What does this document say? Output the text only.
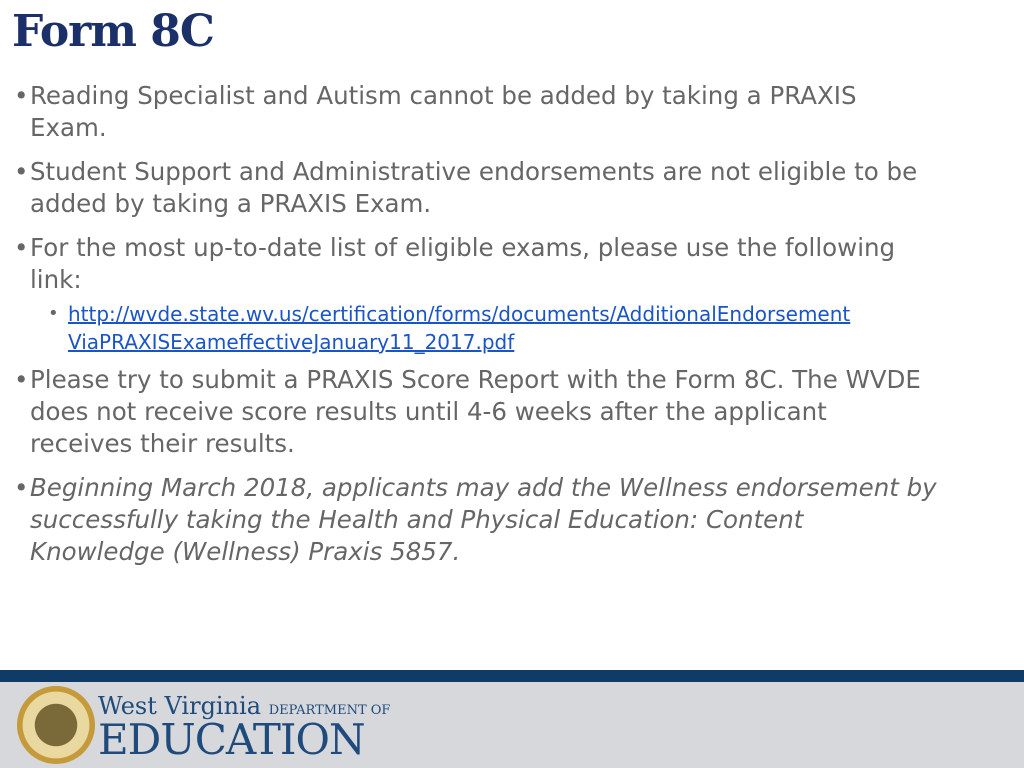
Form 8C
• Reading Specialist and Autism cannot be added by taking a PRAXIS
Exam.
• Student Support and Administrative endorsements are not eligible to be
added by taking a PRAXIS Exam.
• For the most up-to-date list of eligible exams, please use the following
link:
• http://wvde.state.wv.us/certification/forms/documents/AdditionalEndorsement
ViaPRAXISExameffectiveJanuary11_2017.pdf
• Please try to submit a PRAXIS Score Report with the Form 8C. The WVDE
does not receive score results until 4-6 weeks after the applicant
receives their results.
• Beginning March 2018, applicants may add the Wellness endorsement by
successfully taking the Health and Physical Education: Content
Knowledge (Wellness) Praxis 5857.
West Virginia DEPARTMENT OF
EDUCATION
